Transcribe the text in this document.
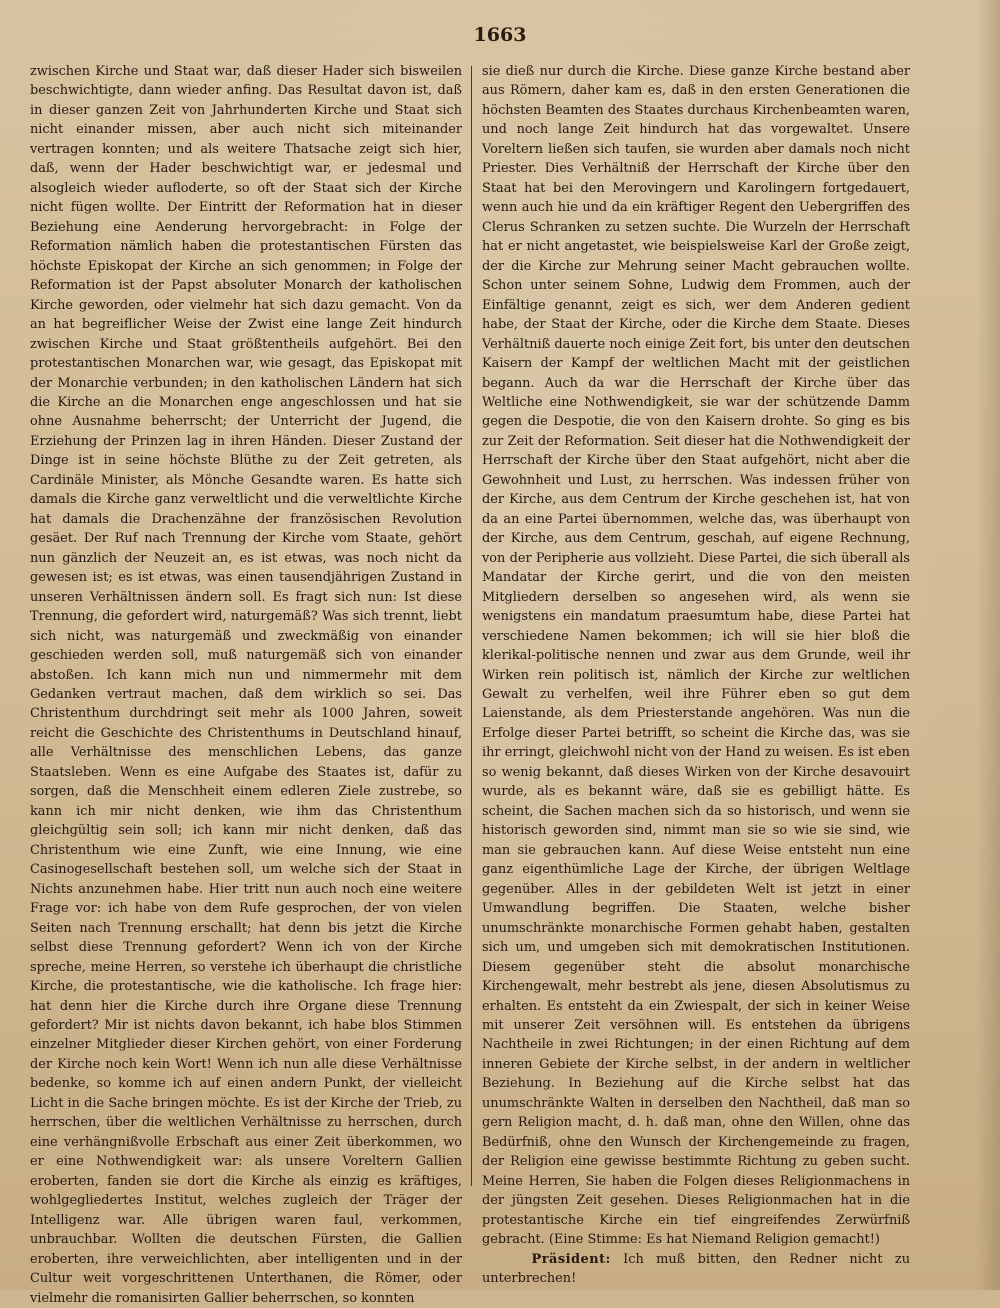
1663

zwischen Kirche und Staat war, daß dieser Hader sich bisweilen beschwichtigte, dann wieder anfing. Das Resultat davon ist, daß in dieser ganzen Zeit von Jahrhunderten Kirche und Staat sich nicht einander missen, aber auch nicht sich miteinander vertragen konnten; und als weitere Thatsache zeigt sich hier, daß, wenn der Hader beschwichtigt war, er jedesmal und alsogleich wieder aufloderte, so oft der Staat sich der Kirche nicht fügen wollte. Der Eintritt der Reformation hat in dieser Beziehung eine Aenderung hervorgebracht: in Folge der Reformation nämlich haben die protestantischen Fürsten das höchste Episkopat der Kirche an sich genommen; in Folge der Reformation ist der Papst absoluter Monarch der katholischen Kirche geworden, oder vielmehr hat sich dazu gemacht. Von da an hat begreiflicher Weise der Zwist eine lange Zeit hindurch zwischen Kirche und Staat größtentheils aufgehört. Bei den protestantischen Monarchen war, wie gesagt, das Episkopat mit der Monarchie verbunden; in den katholischen Ländern hat sich die Kirche an die Monarchen enge angeschlossen und hat sie ohne Ausnahme beherrscht; der Unterricht der Jugend, die Erziehung der Prinzen lag in ihren Händen. Dieser Zustand der Dinge ist in seine höchste Blüthe zu der Zeit getreten, als Cardinäle Minister, als Mönche Gesandte waren. Es hatte sich damals die Kirche ganz verweltlicht und die verweltlichte Kirche hat damals die Drachenzähne der französischen Revolution gesäet. Der Ruf nach Trennung der Kirche vom Staate, gehört nun gänzlich der Neuzeit an, es ist etwas, was noch nicht da gewesen ist; es ist etwas, was einen tausendjährigen Zustand in unseren Verhältnissen ändern soll. Es fragt sich nun: Ist diese Trennung, die gefordert wird, naturgemäß? Was sich trennt, liebt sich nicht, was naturgemäß und zweckmäßig von einander geschieden werden soll, muß naturgemäß sich von einander abstoßen. Ich kann mich nun und nimmermehr mit dem Gedanken vertraut machen, daß dem wirklich so sei. Das Christenthum durchdringt seit mehr als 1000 Jahren, soweit reicht die Geschichte des Christenthums in Deutschland hinauf, alle Verhältnisse des menschlichen Lebens, das ganze Staatsleben. Wenn es eine Aufgabe des Staates ist, dafür zu sorgen, daß die Menschheit einem edleren Ziele zustrebe, so kann ich mir nicht denken, wie ihm das Christenthum gleichgültig sein soll; ich kann mir nicht denken, daß das Christenthum wie eine Zunft, wie eine Innung, wie eine Casinogesellschaft bestehen soll, um welche sich der Staat in Nichts anzunehmen habe. Hier tritt nun auch noch eine weitere Frage vor: ich habe von dem Rufe gesprochen, der von vielen Seiten nach Trennung erschallt; hat denn bis jetzt die Kirche selbst diese Trennung gefordert? Wenn ich von der Kirche spreche, meine Herren, so verstehe ich überhaupt die christliche Kirche, die protestantische, wie die katholische. Ich frage hier: hat denn hier die Kirche durch ihre Organe diese Trennung gefordert? Mir ist nichts davon bekannt, ich habe blos Stimmen einzelner Mitglieder dieser Kirchen gehört, von einer Forderung der Kirche noch kein Wort! Wenn ich nun alle diese Verhältnisse bedenke, so komme ich auf einen andern Punkt, der vielleicht Licht in die Sache bringen möchte. Es ist der Kirche der Trieb, zu herrschen, über die weltlichen Verhältnisse zu herrschen, durch eine verhängnißvolle Erbschaft aus einer Zeit überkommen, wo er eine Nothwendigkeit war: als unsere Voreltern Gallien eroberten, fanden sie dort die Kirche als einzig es kräftiges, wohlgegliedertes Institut, welches zugleich der Träger der Intelligenz war. Alle übrigen waren faul, verkommen, unbrauchbar. Wollten die deutschen Fürsten, die Gallien eroberten, ihre verweichlichten, aber intelligenten und in der Cultur weit vorgeschrittenen Unterthanen, die Römer, oder vielmehr die romanisirten Gallier beherrschen, so konnten

sie dieß nur durch die Kirche. Diese ganze Kirche bestand aber aus Römern, daher kam es, daß in den ersten Generationen die höchsten Beamten des Staates durchaus Kirchenbeamten waren, und noch lange Zeit hindurch hat das vorgewaltet. Unsere Voreltern ließen sich taufen, sie wurden aber damals noch nicht Priester. Dies Verhältniß der Herrschaft der Kirche über den Staat hat bei den Merovingern und Karolingern fortgedauert, wenn auch hie und da ein kräftiger Regent den Uebergriffen des Clerus Schranken zu setzen suchte. Die Wurzeln der Herrschaft hat er nicht angetastet, wie beispielsweise Karl der Große zeigt, der die Kirche zur Mehrung seiner Macht gebrauchen wollte. Schon unter seinem Sohne, Ludwig dem Frommen, auch der Einfältige genannt, zeigt es sich, wer dem Anderen gedient habe, der Staat der Kirche, oder die Kirche dem Staate. Dieses Verhältniß dauerte noch einige Zeit fort, bis unter den deutschen Kaisern der Kampf der weltlichen Macht mit der geistlichen begann. Auch da war die Herrschaft der Kirche über das Weltliche eine Nothwendigkeit, sie war der schützende Damm gegen die Despotie, die von den Kaisern drohte. So ging es bis zur Zeit der Reformation. Seit dieser hat die Nothwendigkeit der Herrschaft der Kirche über den Staat aufgehört, nicht aber die Gewohnheit und Lust, zu herrschen. Was indessen früher von der Kirche, aus dem Centrum der Kirche geschehen ist, hat von da an eine Partei übernommen, welche das, was überhaupt von der Kirche, aus dem Centrum, geschah, auf eigene Rechnung, von der Peripherie aus vollzieht. Diese Partei, die sich überall als Mandatar der Kirche gerirt, und die von den meisten Mitgliedern derselben so angesehen wird, als wenn sie wenigstens ein mandatum praesumtum habe, diese Partei hat verschiedene Namen bekommen; ich will sie hier bloß die klerikal-politische nennen und zwar aus dem Grunde, weil ihr Wirken rein politisch ist, nämlich der Kirche zur weltlichen Gewalt zu verhelfen, weil ihre Führer eben so gut dem Laienstande, als dem Priesterstande angehören. Was nun die Erfolge dieser Partei betrifft, so scheint die Kirche das, was sie ihr erringt, gleichwohl nicht von der Hand zu weisen. Es ist eben so wenig bekannt, daß dieses Wirken von der Kirche desavouirt wurde, als es bekannt wäre, daß sie es gebilligt hätte. Es scheint, die Sachen machen sich da so historisch, und wenn sie historisch geworden sind, nimmt man sie so wie sie sind, wie man sie gebrauchen kann. Auf diese Weise entsteht nun eine ganz eigenthümliche Lage der Kirche, der übrigen Weltlage gegenüber. Alles in der gebildeten Welt ist jetzt in einer Umwandlung begriffen. Die Staaten, welche bisher unumschränkte monarchische Formen gehabt haben, gestalten sich um, und umgeben sich mit demokratischen Institutionen. Diesem gegenüber steht die absolut monarchische Kirchengewalt, mehr bestrebt als jene, diesen Absolutismus zu erhalten. Es entsteht da ein Zwiespalt, der sich in keiner Weise mit unserer Zeit versöhnen will. Es entstehen da übrigens Nachtheile in zwei Richtungen; in der einen Richtung auf dem inneren Gebiete der Kirche selbst, in der andern in weltlicher Beziehung. In Beziehung auf die Kirche selbst hat das unumschränkte Walten in derselben den Nachtheil, daß man so gern Religion macht, d. h. daß man, ohne den Willen, ohne das Bedürfniß, ohne den Wunsch der Kirchengemeinde zu fragen, der Religion eine gewisse bestimmte Richtung zu geben sucht. Meine Herren, Sie haben die Folgen dieses Religionmachens in der jüngsten Zeit gesehen. Dieses Religionmachen hat in die protestantische Kirche ein tief eingreifendes Zerwürfniß gebracht. (Eine Stimme: Es hat Niemand Religion gemacht!)

Präsident: Ich muß bitten, den Redner nicht zu unterbrechen!
